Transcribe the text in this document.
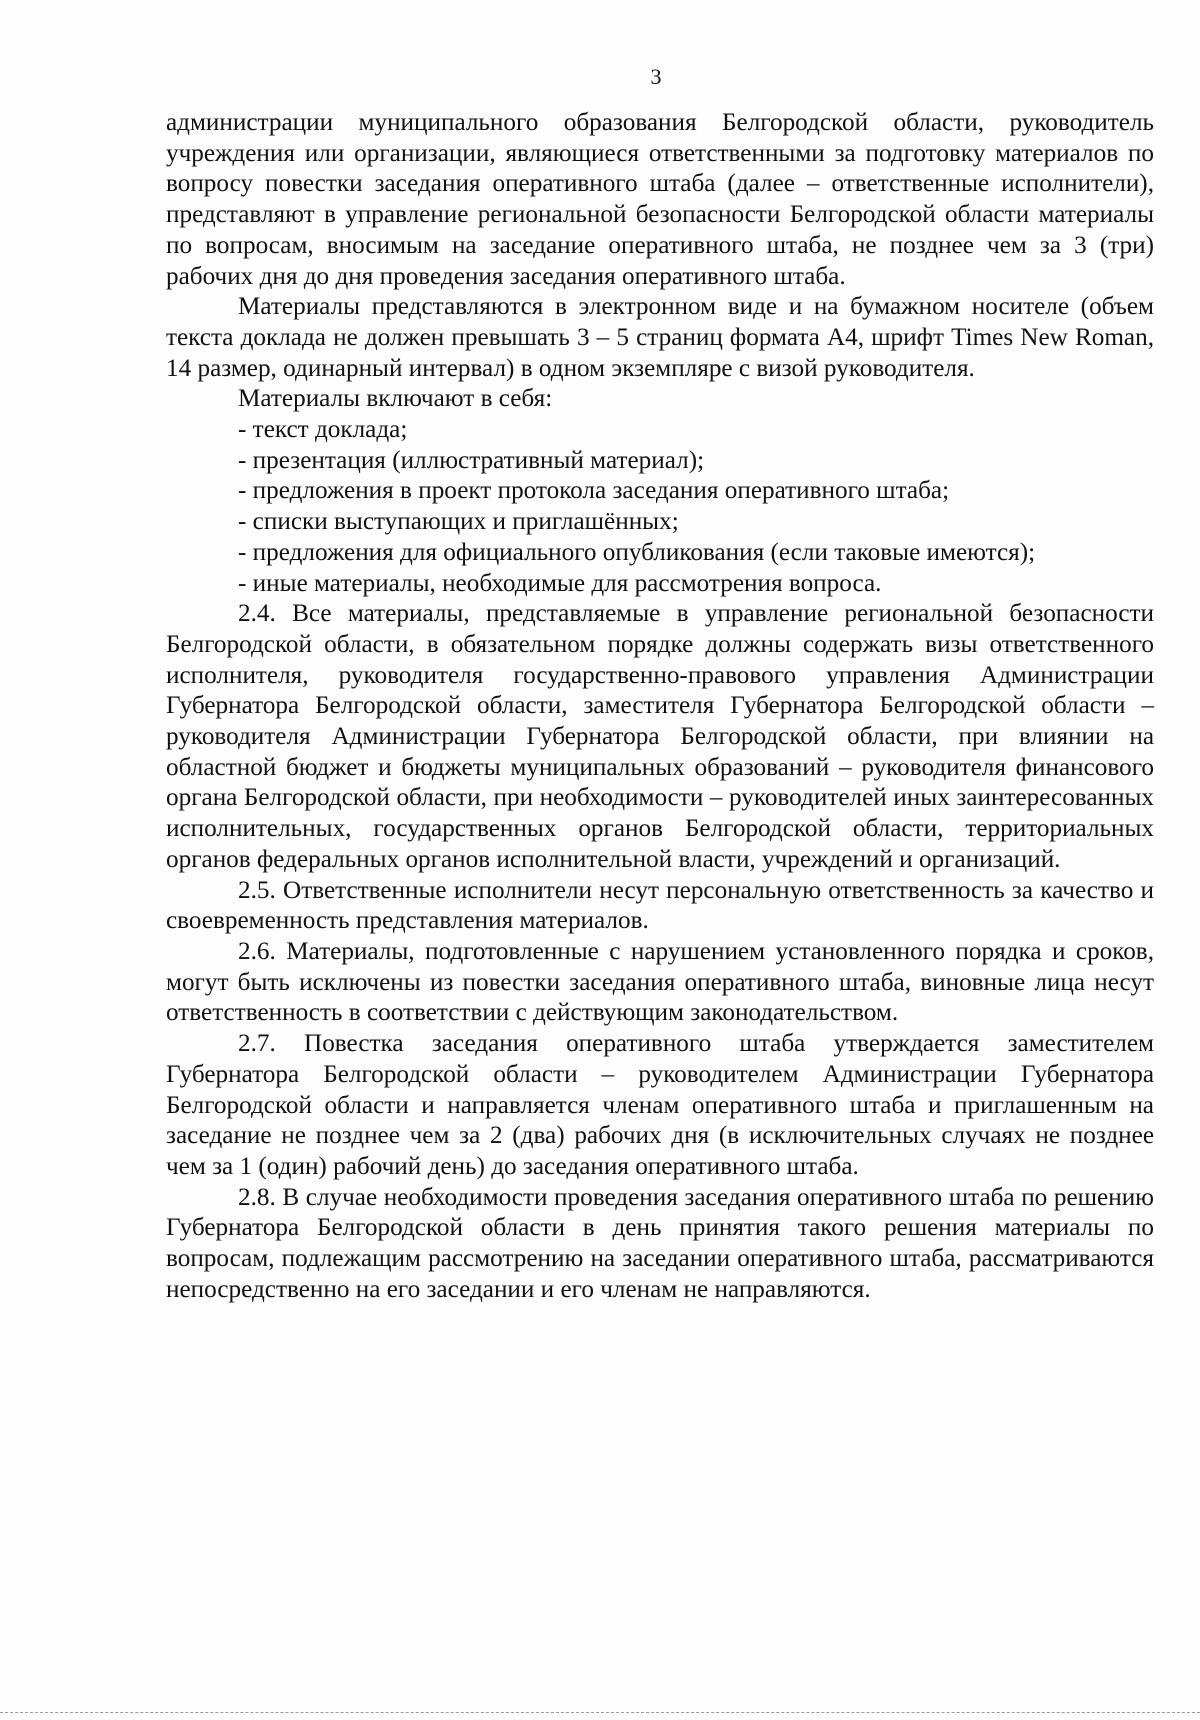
3

администрации муниципального образования Белгородской области, руководитель учреждения или организации, являющиеся ответственными за подготовку материалов по вопросу повестки заседания оперативного штаба (далее – ответственные исполнители), представляют в управление региональной безопасности Белгородской области материалы по вопросам, вносимым на заседание оперативного штаба, не позднее чем за 3 (три) рабочих дня до дня проведения заседания оперативного штаба.

Материалы представляются в электронном виде и на бумажном носителе (объем текста доклада не должен превышать 3 – 5 страниц формата А4, шрифт Times New Roman, 14 размер, одинарный интервал) в одном экземпляре с визой руководителя.

Материалы включают в себя:

- текст доклада;

- презентация (иллюстративный материал);

- предложения в проект протокола заседания оперативного штаба;

- списки выступающих и приглашённых;

- предложения для официального опубликования (если таковые имеются);

- иные материалы, необходимые для рассмотрения вопроса.

2.4. Все материалы, представляемые в управление региональной безопасности Белгородской области, в обязательном порядке должны содержать визы ответственного исполнителя, руководителя государственно-правового управления Администрации Губернатора Белгородской области, заместителя Губернатора Белгородской области – руководителя Администрации Губернатора Белгородской области, при влиянии на областной бюджет и бюджеты муниципальных образований – руководителя финансового органа Белгородской области, при необходимости – руководителей иных заинтересованных исполнительных, государственных органов Белгородской области, территориальных органов федеральных органов исполнительной власти, учреждений и организаций.

2.5. Ответственные исполнители несут персональную ответственность за качество и своевременность представления материалов.

2.6. Материалы, подготовленные с нарушением установленного порядка и сроков, могут быть исключены из повестки заседания оперативного штаба, виновные лица несут ответственность в соответствии с действующим законодательством.

2.7. Повестка заседания оперативного штаба утверждается заместителем Губернатора Белгородской области – руководителем Администрации Губернатора Белгородской области и направляется членам оперативного штаба и приглашенным на заседание не позднее чем за 2 (два) рабочих дня (в исключительных случаях не позднее чем за 1 (один) рабочий день) до заседания оперативного штаба.

2.8. В случае необходимости проведения заседания оперативного штаба по решению Губернатора Белгородской области в день принятия такого решения материалы по вопросам, подлежащим рассмотрению на заседании оперативного штаба, рассматриваются непосредственно на его заседании и его членам не направляются.
